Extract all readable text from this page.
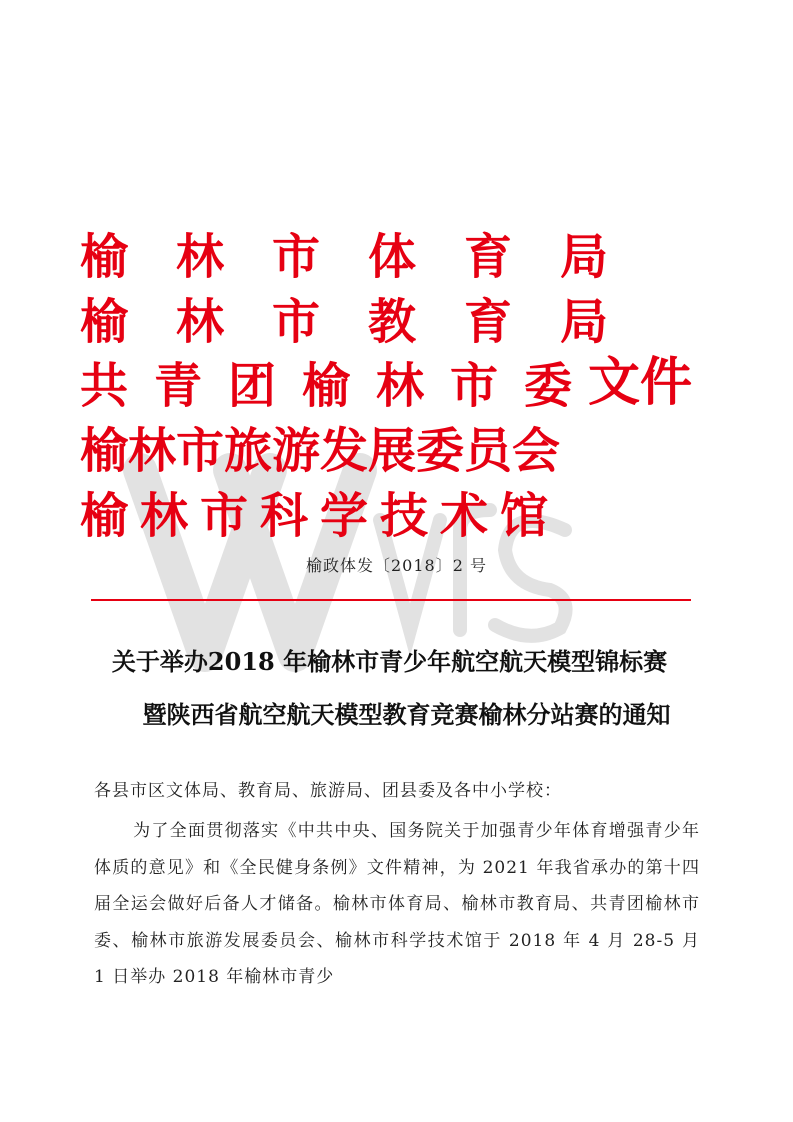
榆 林 市 体 育 局
榆 林 市 教 育 局
共 青 团 榆 林 市 委
榆林市旅游发展委员会
榆 林 市 科 学 技 术 馆
文件
榆政体发〔2018〕2 号
关于举办2018 年榆林市青少年航空航天模型锦标赛
暨陕西省航空航天模型教育竞赛榆林分站赛的通知
各县市区文体局、教育局、旅游局、团县委及各中小学校：
为了全面贯彻落实《中共中央、国务院关于加强青少年体育增强青少年体质的意见》和《全民健身条例》文件精神，为 2021 年我省承办的第十四届全运会做好后备人才储备。榆林市体育局、榆林市教育局、共青团榆林市委、榆林市旅游发展委员会、榆林市科学技术馆于 2018 年 4 月 28-5 月 1 日举办 2018 年榆林市青少
